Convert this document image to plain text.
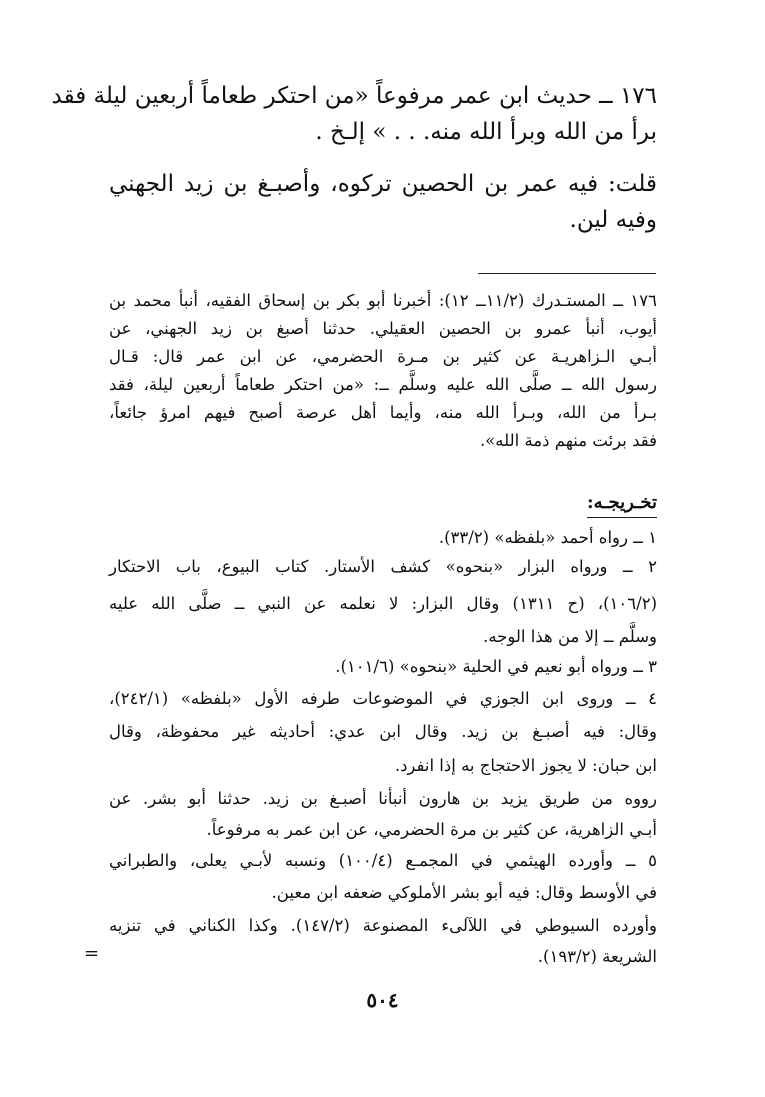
١٧٦ ــ حديث ابن عمر مرفوعاً «من احتكر طعاماً أربعين ليلة فقد
برأ من الله وبرأ الله منه. . . » إلـخ .
قلت: فيه عمر بن الحصين تركوه، وأصبـغ بن زيد الجهني
وفيه لين.
١٧٦ ــ المستـدرك (١١/٢ــ ١٢): أخبرنا أبو بكر بن إسحاق الفقيه، أنبأ محمد بن
أيوب، أنبأ عمرو بن الحصين العقيلي. حدثنا أصبغ بن زيد الجهني، عن
أبـي الـزاهريـة عن كثير بن مـرة الحضرمي، عن ابن عمر قال: قـال
رسول الله ــ صلَّى الله عليه وسلَّم ــ: «من احتكر طعاماً أربعين ليلة، فقد
بـرأ من الله، وبـرأ الله منه، وأيما أهل عرصة أصبح فيهم امرؤ جائعاً،
فقد برئت منهم ذمة الله».
تخـريجـه:
١ ــ رواه أحمد «بلفظه» (٣٣/٢).
٢ ــ ورواه البزار «بنحوه» كشف الأستار. كتاب البيوع، باب الاحتكار
(١٠٦/٢)، (ح ١٣١١) وقال البزار: لا نعلمه عن النبي ــ صلَّى الله عليه
وسلَّم ــ إلا من هذا الوجه.
٣ ــ ورواه أبو نعيم في الحلية «بنحوه» (١٠١/٦).
٤ ــ وروى ابن الجوزي في الموضوعات طرفه الأول «بلفظه» (٢٤٢/١)،
وقال: فيه أصبـغ بن زيد. وقال ابن عدي: أحاديثه غير محفوظة، وقال
ابن حبان: لا يجوز الاحتجاج به إذا انفرد.
رووه من طريق يزيد بن هارون أنبأنا أصبـغ بن زيد. حدثنا أبو بشر. عن
أبـي الزاهرية، عن كثير بن مرة الحضرمي، عن ابن عمر به مرفوعاً.
٥ ــ وأورده الهيثمي في المجمـع (١٠٠/٤) ونسبه لأبـي يعلى، والطبراني
في الأوسط وقال: فيه أبو بشر الأملوكي ضعفه ابن معين.
وأورده السيوطي في اللآلىء المصنوعة (١٤٧/٢). وكذا الكناني في تنزيه
الشريعة (١٩٣/٢).
=
٥٠٤
